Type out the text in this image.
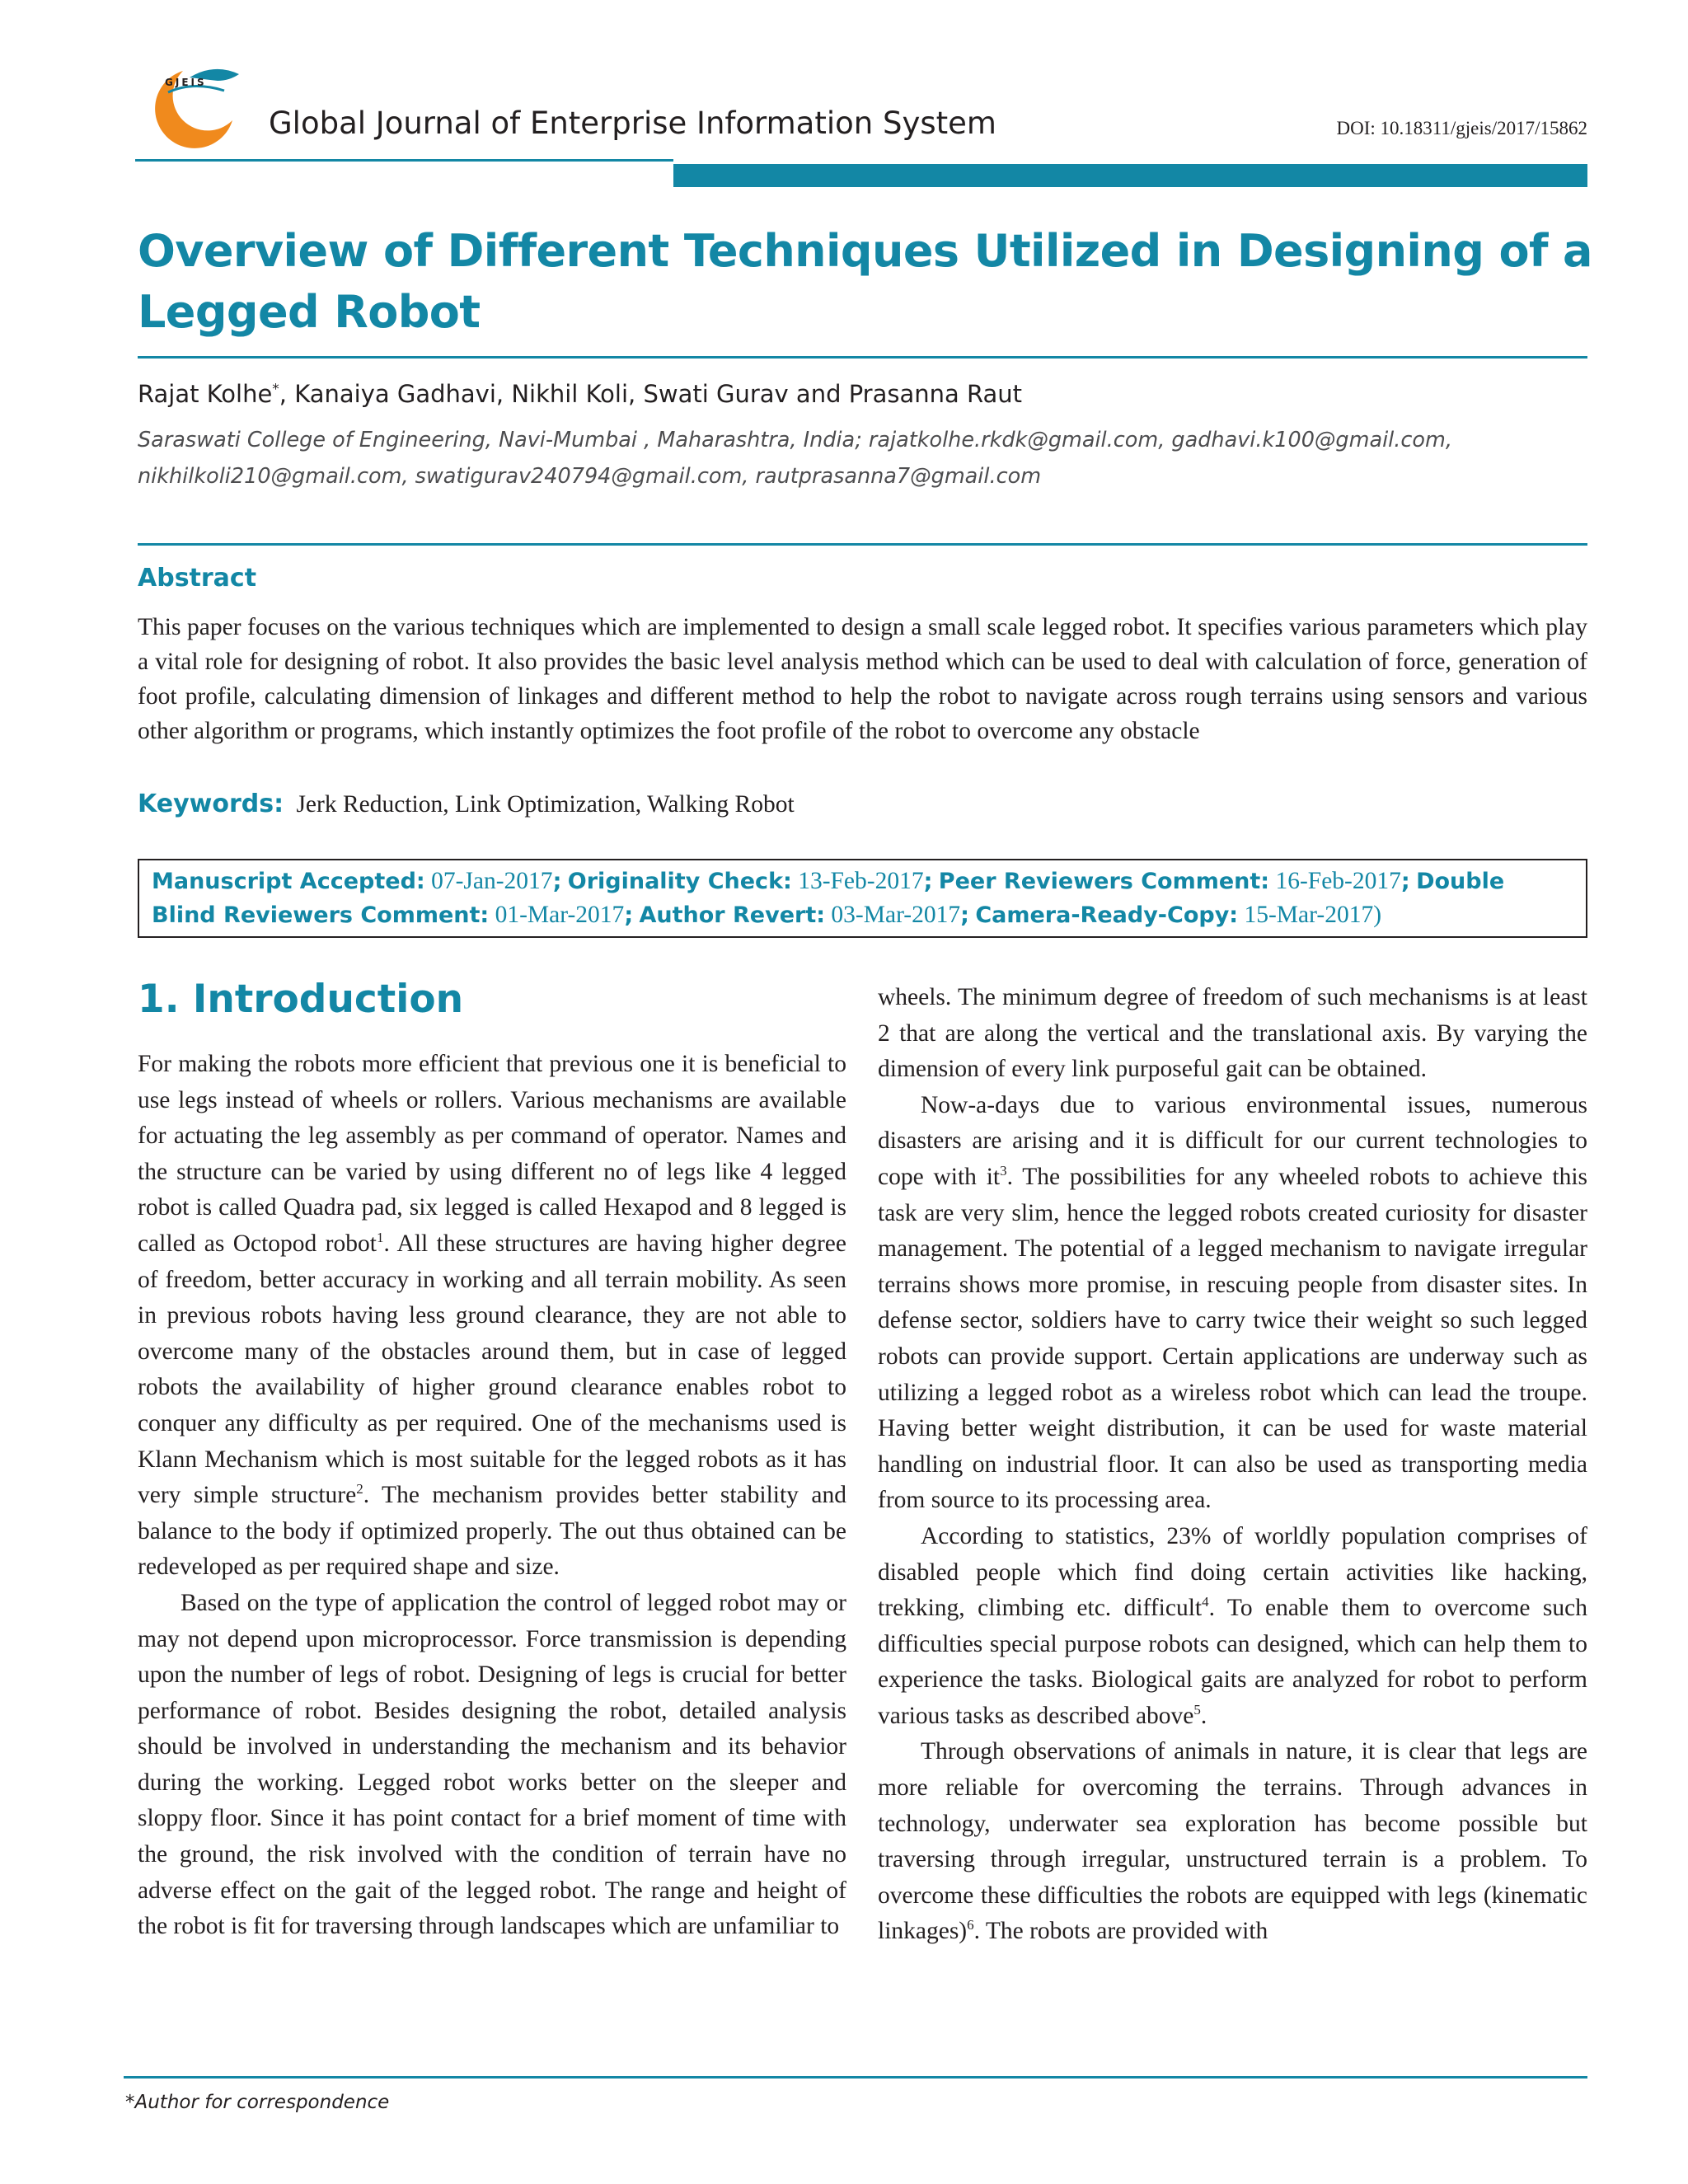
GJEIS
Global Journal of Enterprise Information System	DOI: 10.18311/gjeis/2017/15862
Overview of Different Techniques Utilized in Designing of a
Legged Robot
Rajat Kolhe*, Kanaiya Gadhavi, Nikhil Koli, Swati Gurav and Prasanna Raut
Saraswati College of Engineering, Navi-Mumbai , Maharashtra, India; rajatkolhe.rkdk@gmail.com, gadhavi.k100@gmail.com, nikhilkoli210@gmail.com, swatigurav240794@gmail.com, rautprasanna7@gmail.com
Abstract
This paper focuses on the various techniques which are implemented to design a small scale legged robot. It specifies various parameters which play a vital role for designing of robot. It also provides the basic level analysis method which can be used to deal with calculation of force, generation of foot profile, calculating dimension of linkages and different method to help the robot to navigate across rough terrains using sensors and various other algorithm or programs, which instantly optimizes the foot profile of the robot to overcome any obstacle
Keywords: Jerk Reduction, Link Optimization, Walking Robot
Manuscript Accepted: 07-Jan-2017; Originality Check: 13-Feb-2017; Peer Reviewers Comment: 16-Feb-2017; Double Blind Reviewers Comment: 01-Mar-2017; Author Revert: 03-Mar-2017; Camera-Ready-Copy: 15-Mar-2017)
1. Introduction

For making the robots more efficient that previous one it is beneficial to use legs instead of wheels or rollers. Various mechanisms are available for actuating the leg assembly as per command of operator. Names and the structure can be varied by using different no of legs like 4 legged robot is called Quadra pad, six legged is called Hexapod and 8 legged is called as Octopod robot$^1$. All these structures are having higher degree of freedom, better accuracy in working and all terrain mobility. As seen in previous robots having less ground clearance, they are not able to overcome many of the obstacles around them, but in case of legged robots the availability of higher ground clearance enables robot to conquer any difficulty as per required. One of the mechanisms used is Klann Mechanism which is most suitable for the legged robots as it has very simple structure$^2$. The mechanism provides better stability and balance to the body if optimized properly. The out thus obtained can be redeveloped as per required shape and size.

Based on the type of application the control of legged robot may or may not depend upon microprocessor. Force transmission is depending upon the number of legs of robot. Designing of legs is crucial for better performance of robot. Besides designing the robot, detailed analysis should be involved in understanding the mechanism and its behavior during the working. Legged robot works better on the sleeper and sloppy floor. Since it has point contact for a brief moment of time with the ground, the risk involved with the condition of terrain have no adverse effect on the gait of the legged robot. The range and height of the robot is fit for traversing through landscapes which are unfamiliar to

wheels. The minimum degree of freedom of such mechanisms is at least 2 that are along the vertical and the translational axis. By varying the dimension of every link purposeful gait can be obtained.

Now-a-days due to various environmental issues, numerous disasters are arising and it is difficult for our current technologies to cope with $it^3$. The possibilities for any wheeled robots to achieve this task are very slim, hence the legged robots created curiosity for disaster management. The potential of a legged mechanism to navigate irregular terrains shows more promise, in rescuing people from disaster sites. In defense sector, soldiers have to carry twice their weight so such legged robots can provide support. Certain applications are underway such as utilizing a legged robot as a wireless robot which can lead the troupe. Having better weight distribution, it can be used for waste material handling on industrial floor. It can also be used as transporting media from source to its processing area.

According to statistics, 23% of worldly population comprises of disabled people which find doing certain activities like hacking, trekking, climbing etc. difficult$^4$. To enable them to overcome such difficulties special purpose robots can designed, which can help them to experience the tasks. Biological gaits are analyzed for robot to perform various tasks as described above$^5$.

Through observations of animals in nature, it is clear that legs are more reliable for overcoming the terrains. Through advances in technology, underwater sea exploration has become possible but traversing through irregular, unstructured terrain is a problem. To overcome these difficulties the robots are equipped with legs (kinematic linkages)$^6$. The robots are provided with

*Author for correspondence
